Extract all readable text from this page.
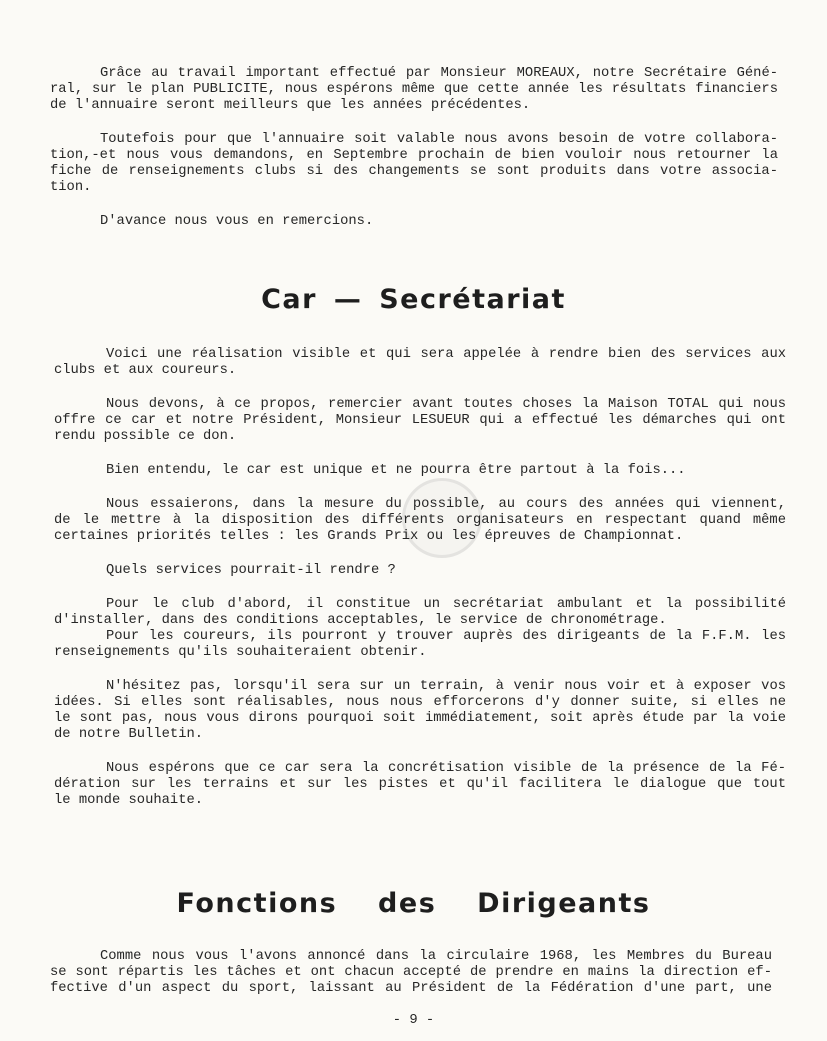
Grâce au travail important effectué par Monsieur MOREAUX, notre Secrétaire Géné-
ral, sur le plan PUBLICITE, nous espérons même que cette année les résultats financiers
de l'annuaire seront meilleurs que les années précédentes.
Toutefois pour que l'annuaire soit valable nous avons besoin de votre collabora-
tion,-et nous vous demandons, en Septembre prochain de bien vouloir nous retourner la
fiche de renseignements clubs si des changements se sont produits dans votre associa-
tion.
D'avance nous vous en remercions.
Car — Secrétariat
Voici une réalisation visible et qui sera appelée à rendre bien des services aux
clubs et aux coureurs.
Nous devons, à ce propos, remercier avant toutes choses la Maison TOTAL qui nous
offre ce car et notre Président, Monsieur LESUEUR qui a effectué les démarches qui ont
rendu possible ce don.
Bien entendu, le car est unique et ne pourra être partout à la fois...
Nous essaierons, dans la mesure du possible, au cours des années qui viennent,
de le mettre à la disposition des différents organisateurs en respectant quand même
certaines priorités telles : les Grands Prix ou les épreuves de Championnat.
Quels services pourrait-il rendre ?
Pour le club d'abord, il constitue un secrétariat ambulant et la possibilité
d'installer, dans des conditions acceptables, le service de chronométrage.
Pour les coureurs, ils pourront y trouver auprès des dirigeants de la F.F.M. les
renseignements qu'ils souhaiteraient obtenir.
N'hésitez pas, lorsqu'il sera sur un terrain, à venir nous voir et à exposer vos
idées. Si elles sont réalisables, nous nous efforcerons d'y donner suite, si elles ne
le sont pas, nous vous dirons pourquoi soit immédiatement, soit après étude par la voie
de notre Bulletin.
Nous espérons que ce car sera la concrétisation visible de la présence de la Fé-
dération sur les terrains et sur les pistes et qu'il facilitera le dialogue que tout
le monde souhaite.
Fonctions des Dirigeants
Comme nous vous l'avons annoncé dans la circulaire 1968, les Membres du Bureau
se sont répartis les tâches et ont chacun accepté de prendre en mains la direction ef-
fective d'un aspect du sport, laissant au Président de la Fédération d'une part, une
- 9 -
